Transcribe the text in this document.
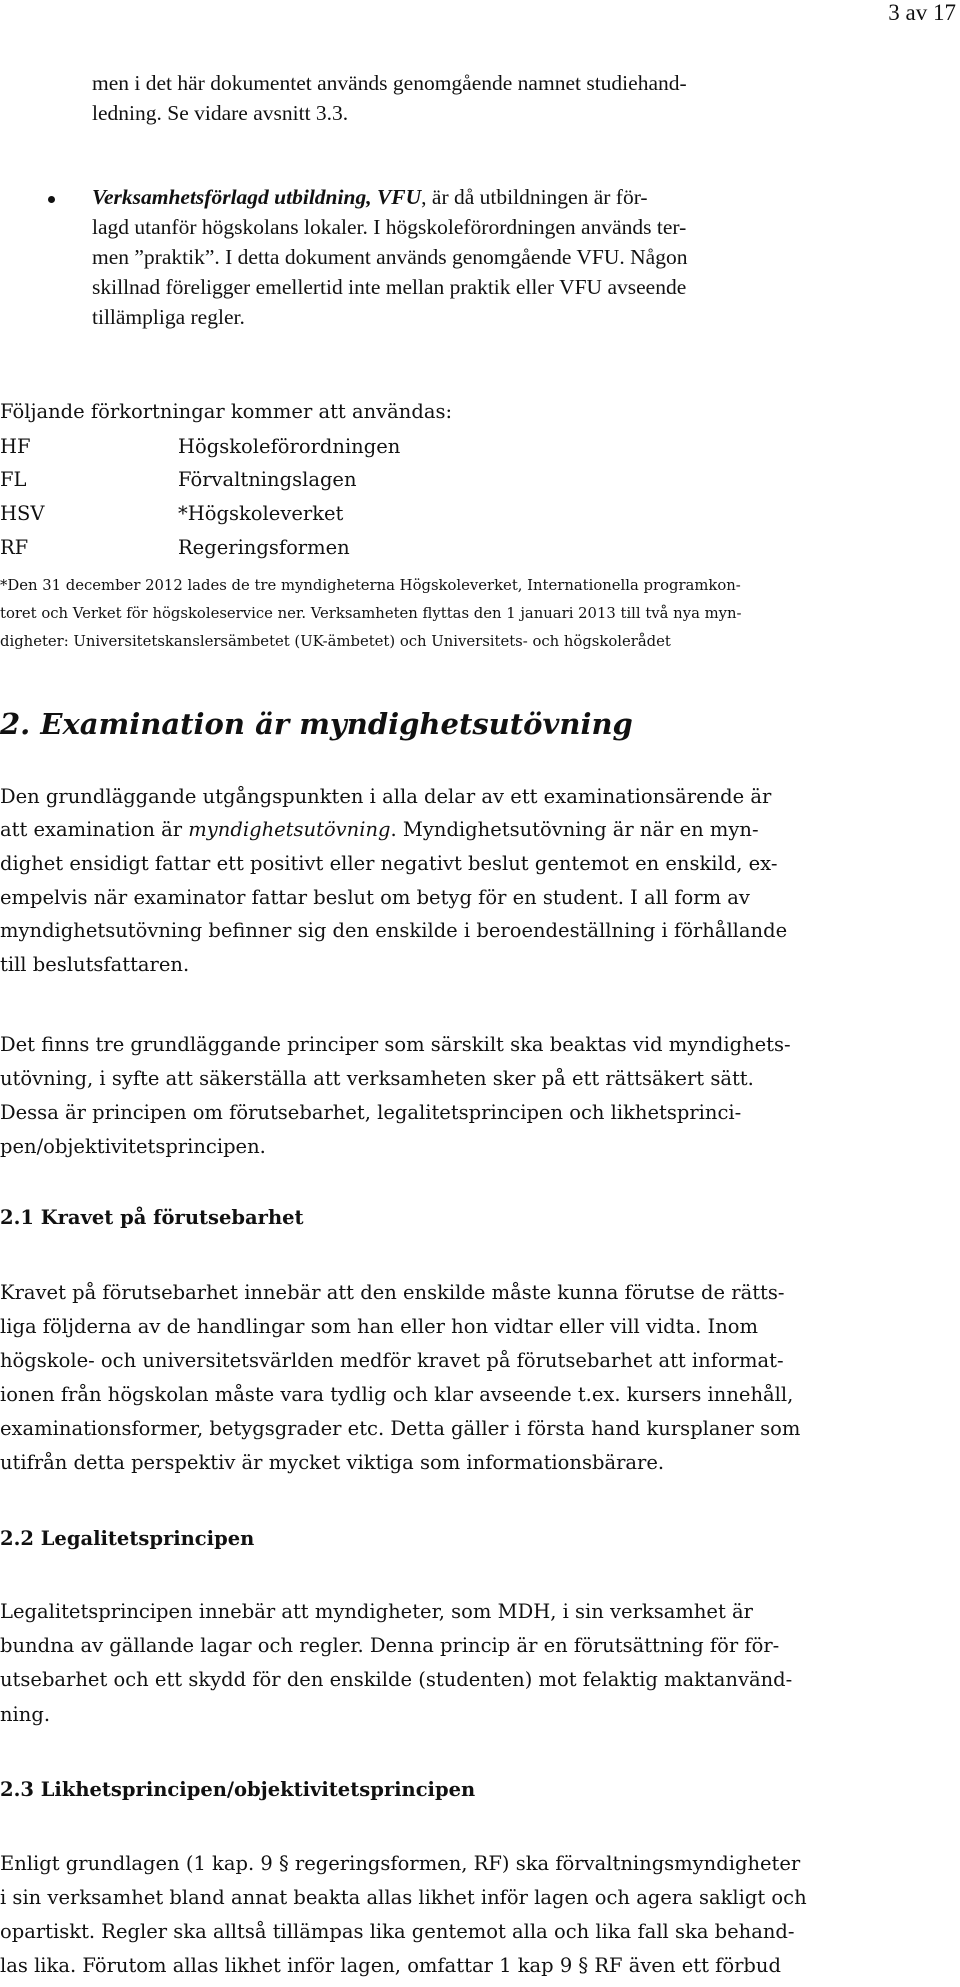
3 av 17
men i det här dokumentet används genomgående namnet studiehand-
ledning. Se vidare avsnitt 3.3.
Verksamhetsförlagd utbildning, VFU, är då utbildningen är för-
lagd utanför högskolans lokaler. I högskoleförordningen används ter-
men ”praktik”. I detta dokument används genomgående VFU. Någon
skillnad föreligger emellertid inte mellan praktik eller VFU avseende
tillämpliga regler.
Följande förkortningar kommer att användas:
HF	Högskoleförordningen
FL	Förvaltningslagen
HSV	*Högskoleverket
RF	Regeringsformen
*Den 31 december 2012 lades de tre myndigheterna Högskoleverket, Internationella programkon-
toret och Verket för högskoleservice ner. Verksamheten flyttas den 1 januari 2013 till två nya myn-
digheter: Universitetskanslersämbetet (UK-ämbetet) och Universitets- och högskolerådet
2. Examination är myndighetsutövning
Den grundläggande utgångspunkten i alla delar av ett examinationsärende är
att examination är myndighetsutövning. Myndighetsutövning är när en myn-
dighet ensidigt fattar ett positivt eller negativt beslut gentemot en enskild, ex-
empelvis när examinator fattar beslut om betyg för en student. I all form av
myndighetsutövning befinner sig den enskilde i beroendeställning i förhållande
till beslutsfattaren.
Det finns tre grundläggande principer som särskilt ska beaktas vid myndighets-
utövning, i syfte att säkerställa att verksamheten sker på ett rättsäkert sätt.
Dessa är principen om förutsebarhet, legalitetsprincipen och likhetsprinci-
pen/objektivitetsprincipen.
2.1 Kravet på förutsebarhet
Kravet på förutsebarhet innebär att den enskilde måste kunna förutse de rätts-
liga följderna av de handlingar som han eller hon vidtar eller vill vidta. Inom
högskole- och universitetsvärlden medför kravet på förutsebarhet att informat-
ionen från högskolan måste vara tydlig och klar avseende t.ex. kursers innehåll,
examinationsformer, betygsgrader etc. Detta gäller i första hand kursplaner som
utifrån detta perspektiv är mycket viktiga som informationsbärare.
2.2 Legalitetsprincipen
Legalitetsprincipen innebär att myndigheter, som MDH, i sin verksamhet är
bundna av gällande lagar och regler. Denna princip är en förutsättning för för-
utsebarhet och ett skydd för den enskilde (studenten) mot felaktig maktanvänd-
ning.
2.3 Likhetsprincipen/objektivitetsprincipen
Enligt grundlagen (1 kap. 9 § regeringsformen, RF) ska förvaltningsmyndigheter
i sin verksamhet bland annat beakta allas likhet inför lagen och agera sakligt och
opartiskt. Regler ska alltså tillämpas lika gentemot alla och lika fall ska behand-
las lika. Förutom allas likhet inför lagen, omfattar 1 kap 9 § RF även ett förbud
